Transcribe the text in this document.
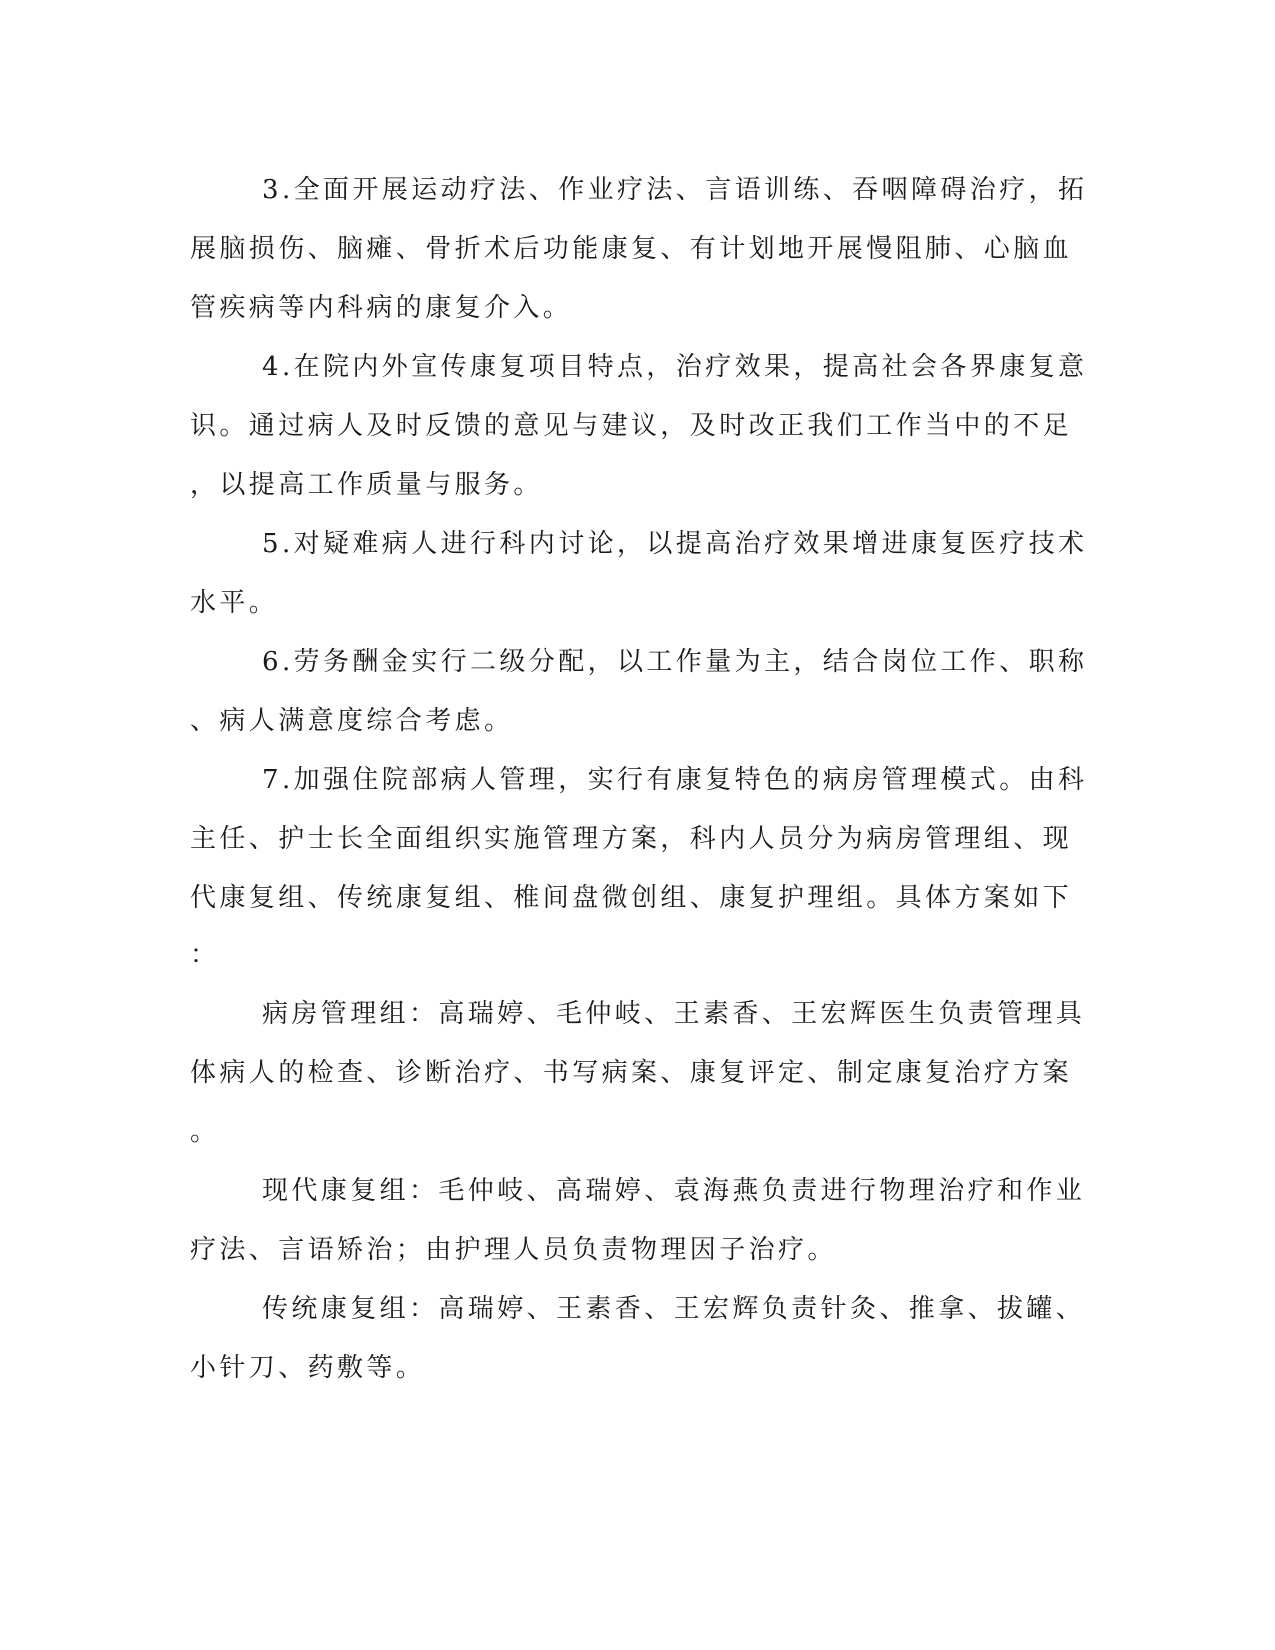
3.全面开展运动疗法、作业疗法、言语训练、吞咽障碍治疗，拓
展脑损伤、脑瘫、骨折术后功能康复、有计划地开展慢阻肺、心脑血
管疾病等内科病的康复介入。
4.在院内外宣传康复项目特点，治疗效果，提高社会各界康复意
识。通过病人及时反馈的意见与建议，及时改正我们工作当中的不足
，以提高工作质量与服务。
5.对疑难病人进行科内讨论，以提高治疗效果增进康复医疗技术
水平。
6.劳务酬金实行二级分配，以工作量为主，结合岗位工作、职称
、病人满意度综合考虑。
7.加强住院部病人管理，实行有康复特色的病房管理模式。由科
主任、护士长全面组织实施管理方案，科内人员分为病房管理组、现
代康复组、传统康复组、椎间盘微创组、康复护理组。具体方案如下
：
病房管理组：高瑞婷、毛仲岐、王素香、王宏辉医生负责管理具
体病人的检查、诊断治疗、书写病案、康复评定、制定康复治疗方案
。
现代康复组：毛仲岐、高瑞婷、袁海燕负责进行物理治疗和作业
疗法、言语矫治；由护理人员负责物理因子治疗。
传统康复组：高瑞婷、王素香、王宏辉负责针灸、推拿、拔罐、
小针刀、药敷等。
